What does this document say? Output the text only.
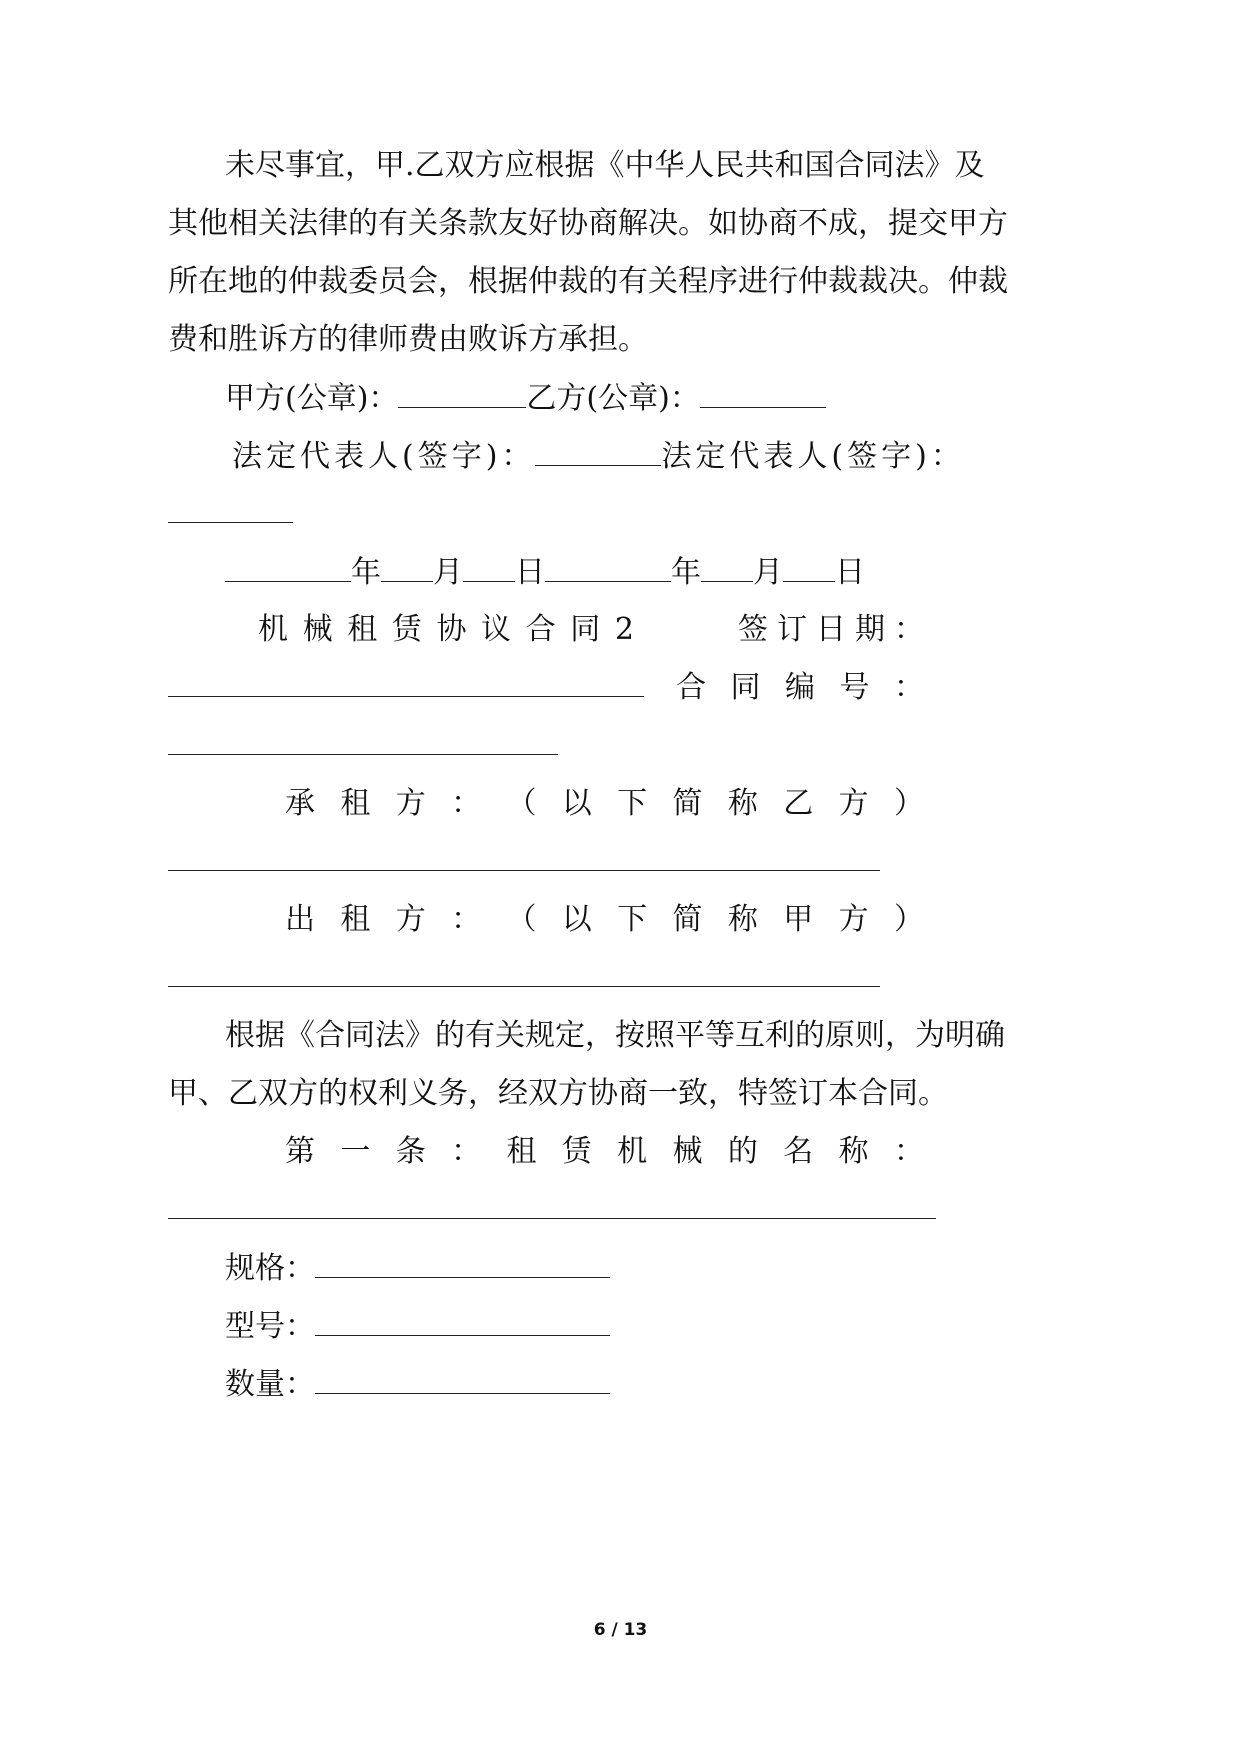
未 尽 事 宜 ， 甲 . 乙 双 方 应 根 据 《 中 华 人 民 共 和 国 合 同 法 》 及
其 他 相 关 法 律 的 有 关 条 款 友 好 协 商 解 决 。 如 协 商 不 成 ， 提 交 甲 方
所 在 地 的 仲 裁 委 员 会 ， 根 据 仲 裁 的 有 关 程 序 进 行 仲 裁 裁 决 。 仲 裁
费和胜诉方的律师费由败诉方承担。
甲方(公章)：	乙方(公章)：
法定代表人(签字)：	法定代表人(签字)：
年 月 日	年 月 日
机 械 租 赁 协 议 合 同 2	签 订 日 期 ：
合 同 编 号 ：
承 租 方 ： （ 以 下 简 称 乙 方 ）
出 租 方 ： （ 以 下 简 称 甲 方 ）
根 据 《 合 同 法 》 的 有 关 规 定 ， 按 照 平 等 互 利 的 原 则 ， 为 明 确
甲、乙双方的权利义务，经双方协商一致，特签订本合同。
第 一 条 ： 租 赁 机 械 的 名 称 ：
规格：
型号：
数量：
6 / 13
